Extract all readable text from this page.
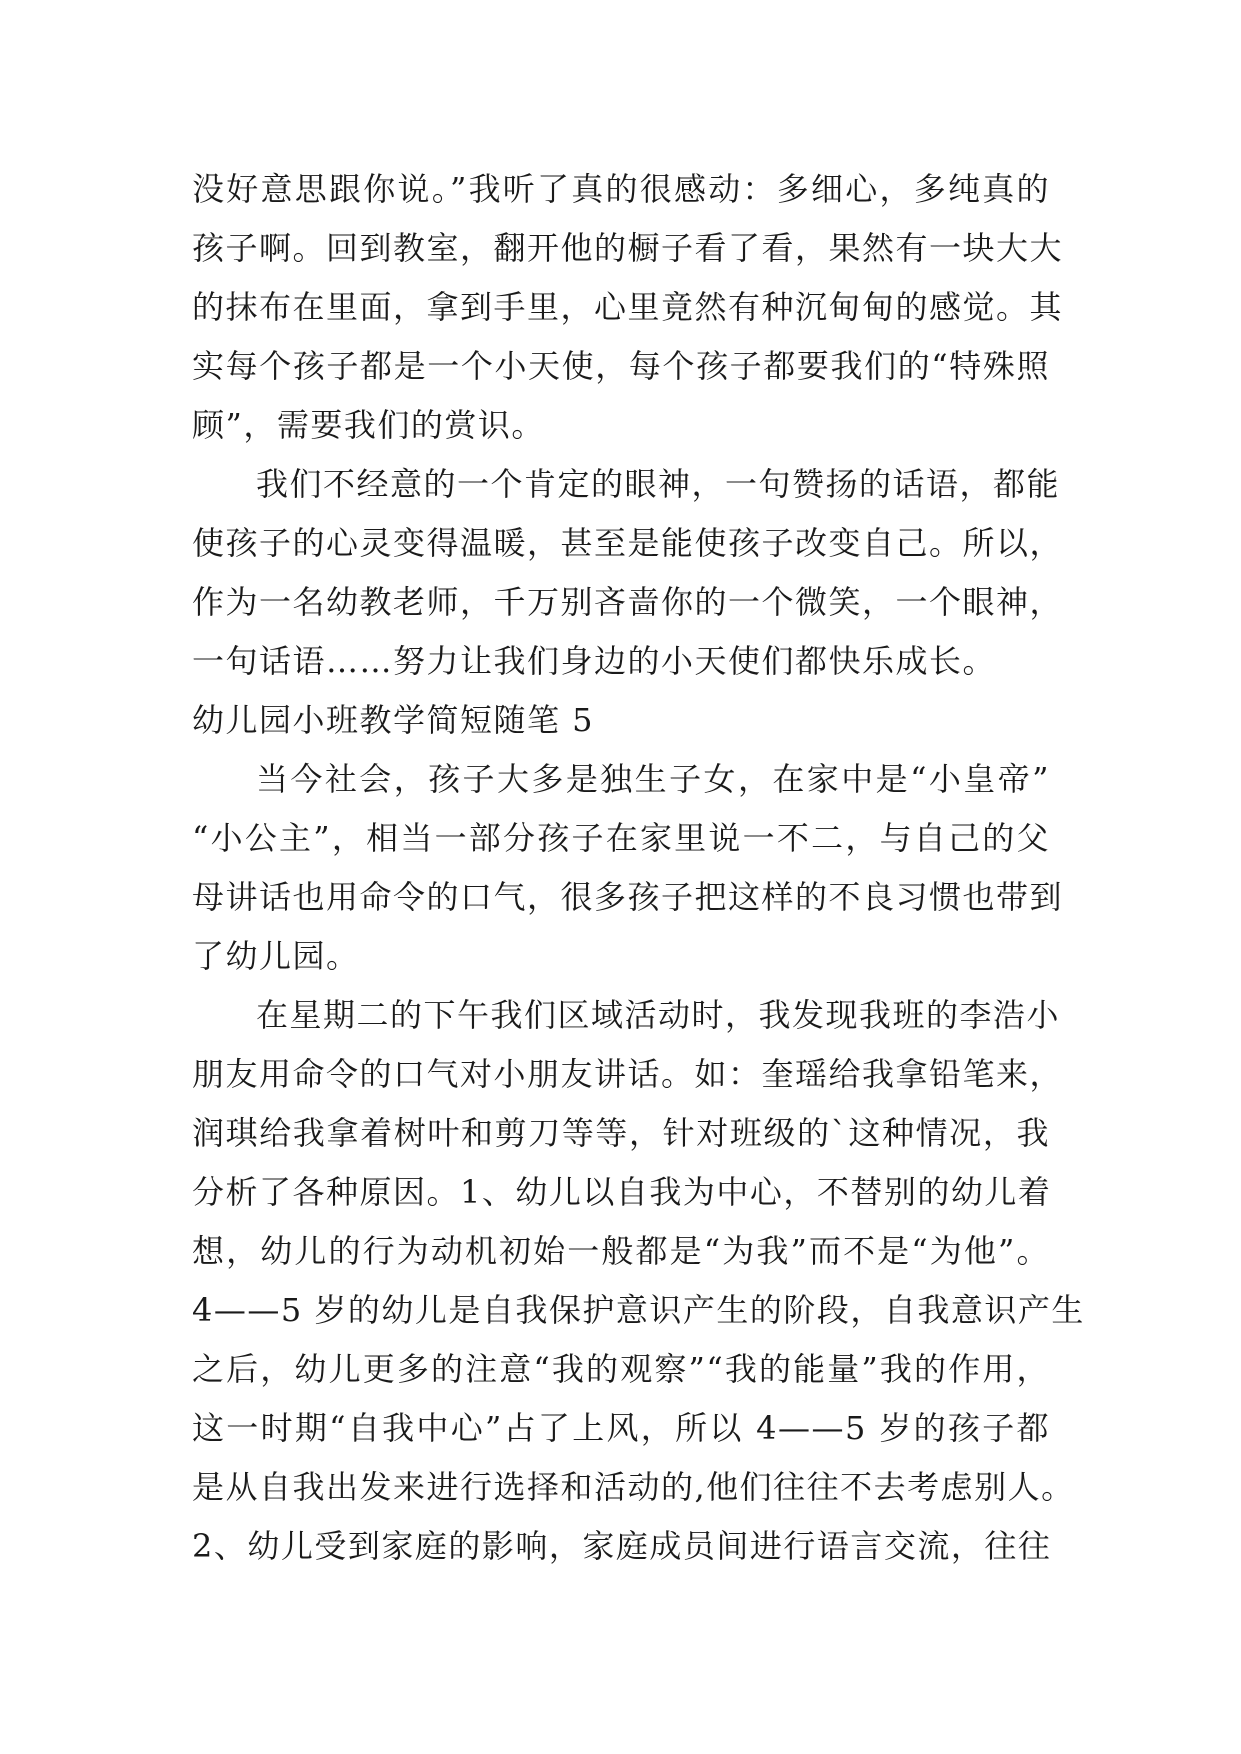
没好意思跟你说。”我听了真的很感动：多细心，多纯真的
孩子啊。回到教室，翻开他的橱子看了看，果然有一块大大
的抹布在里面，拿到手里，心里竟然有种沉甸甸的感觉。其
实每个孩子都是一个小天使，每个孩子都要我们的“特殊照
顾”，需要我们的赏识。
我们不经意的一个肯定的眼神，一句赞扬的话语，都能
使孩子的心灵变得温暖，甚至是能使孩子改变自己。所以，
作为一名幼教老师，千万别吝啬你的一个微笑，一个眼神，
一句话语……努力让我们身边的小天使们都快乐成长。
幼儿园小班教学简短随笔 5
当今社会，孩子大多是独生子女，在家中是“小皇帝”
“小公主”，相当一部分孩子在家里说一不二，与自己的父
母讲话也用命令的口气，很多孩子把这样的不良习惯也带到
了幼儿园。
在星期二的下午我们区域活动时，我发现我班的李浩小
朋友用命令的口气对小朋友讲话。如：奎瑶给我拿铅笔来，
润琪给我拿着树叶和剪刀等等，针对班级的`这种情况，我
分析了各种原因。1、幼儿以自我为中心，不替别的幼儿着
想，幼儿的行为动机初始一般都是“为我”而不是“为他”。
4——5 岁的幼儿是自我保护意识产生的阶段，自我意识产生
之后，幼儿更多的注意“我的观察”“我的能量”我的作用，
这一时期“自我中心”占了上风，所以 4——5 岁的孩子都
是从自我出发来进行选择和活动的,他们往往不去考虑别人。
2、幼儿受到家庭的影响，家庭成员间进行语言交流，往往
